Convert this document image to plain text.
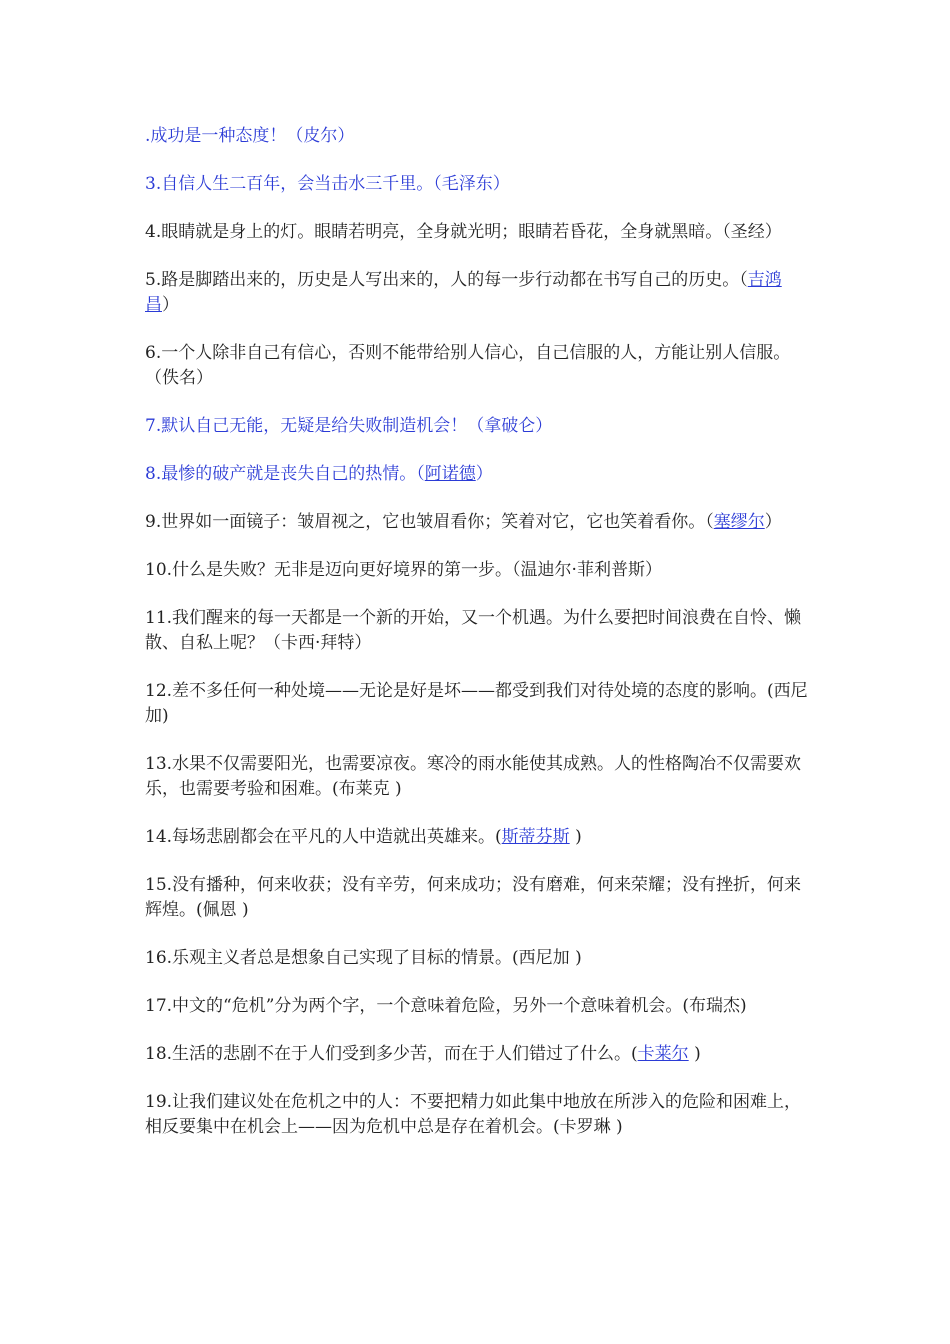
.成功是一种态度！（皮尔）

3.自信人生二百年，会当击水三千里。（毛泽东）

4.眼睛就是身上的灯。眼睛若明亮，全身就光明；眼睛若昏花，全身就黑暗。（圣经）

5.路是脚踏出来的，历史是人写出来的，人的每一步行动都在书写自己的历史。（吉鸿昌）

6.一个人除非自己有信心，否则不能带给别人信心，自己信服的人，方能让别人信服。（佚名）

7.默认自己无能，无疑是给失败制造机会！（拿破仑）

8.最惨的破产就是丧失自己的热情。（阿诺德）

9.世界如一面镜子：皱眉视之，它也皱眉看你；笑着对它，它也笑着看你。（塞缪尔）

10.什么是失败？无非是迈向更好境界的第一步。（温迪尔·菲利普斯）

11.我们醒来的每一天都是一个新的开始，又一个机遇。为什么要把时间浪费在自怜、懒散、自私上呢？（卡西·拜特）

12.差不多任何一种处境——无论是好是坏——都受到我们对待处境的态度的影响。(西尼加)

13.水果不仅需要阳光，也需要凉夜。寒冷的雨水能使其成熟。人的性格陶冶不仅需要欢乐，也需要考验和困难。(布莱克 )

14.每场悲剧都会在平凡的人中造就出英雄来。(斯蒂芬斯 )

15.没有播种，何来收获；没有辛劳，何来成功；没有磨难，何来荣耀；没有挫折，何来辉煌。(佩恩 )

16.乐观主义者总是想象自己实现了目标的情景。(西尼加 )

17.中文的“危机”分为两个字，一个意味着危险，另外一个意味着机会。(布瑞杰)

18.生活的悲剧不在于人们受到多少苦，而在于人们错过了什么。(卡莱尔 )

19.让我们建议处在危机之中的人：不要把精力如此集中地放在所涉入的危险和困难上，相反要集中在机会上——因为危机中总是存在着机会。(卡罗琳 )
